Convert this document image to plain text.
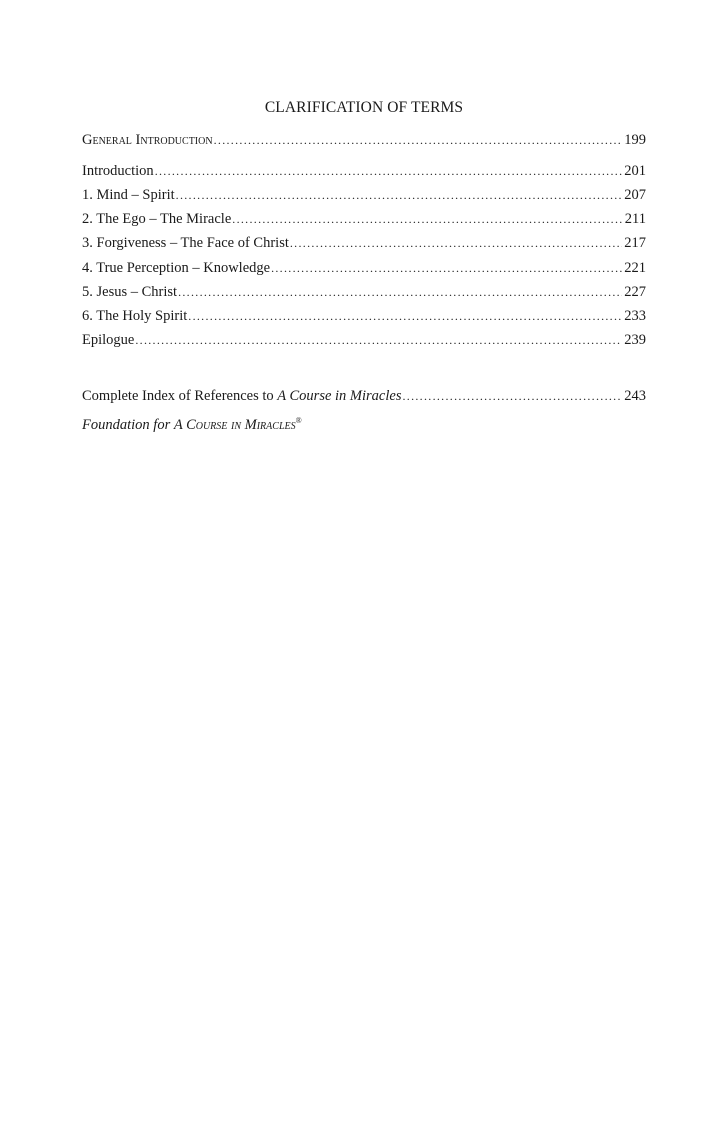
CLARIFICATION OF TERMS
General Introduction .....	199
Introduction .....	201
1. Mind – Spirit .....	207
2. The Ego – The Miracle .....	211
3. Forgiveness – The Face of Christ .....	217
4. True Perception – Knowledge .....	221
5. Jesus – Christ .....	227
6. The Holy Spirit .....	233
Epilogue .....	239
Complete Index of References to A Course in Miracles .....	243
Foundation for A Course in Miracles®
